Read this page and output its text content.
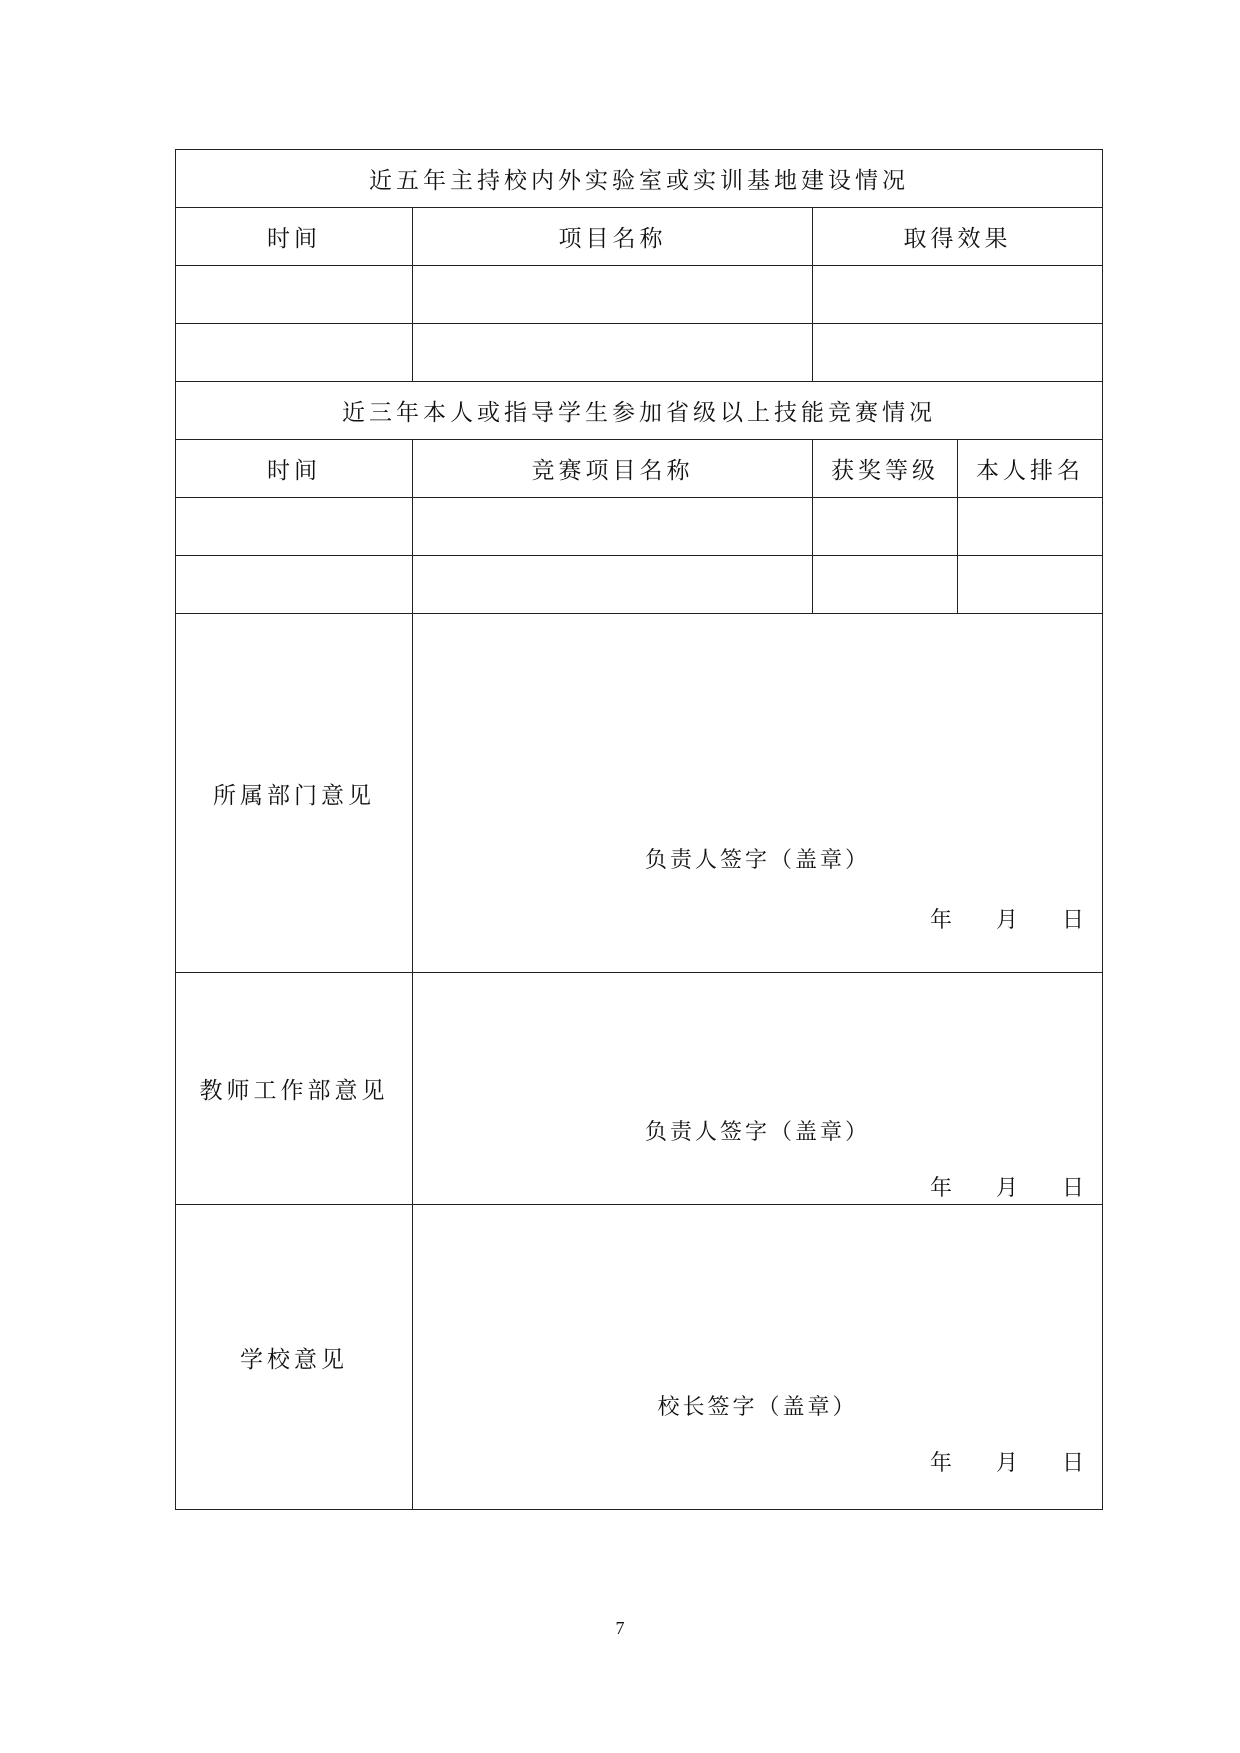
近五年主持校内外实验室或实训基地建设情况			
时间	项目名称	取得效果	

近三年本人或指导学生参加省级以上技能竞赛情况			
时间	竞赛项目名称	获奖等级	本人排名

所属部门意见	负责人签字（盖章）
年 月 日		

教师工作部意见	负责人签字（盖章）
年 月 日		

学校意见	校长签字（盖章）
年 月 日		
7
